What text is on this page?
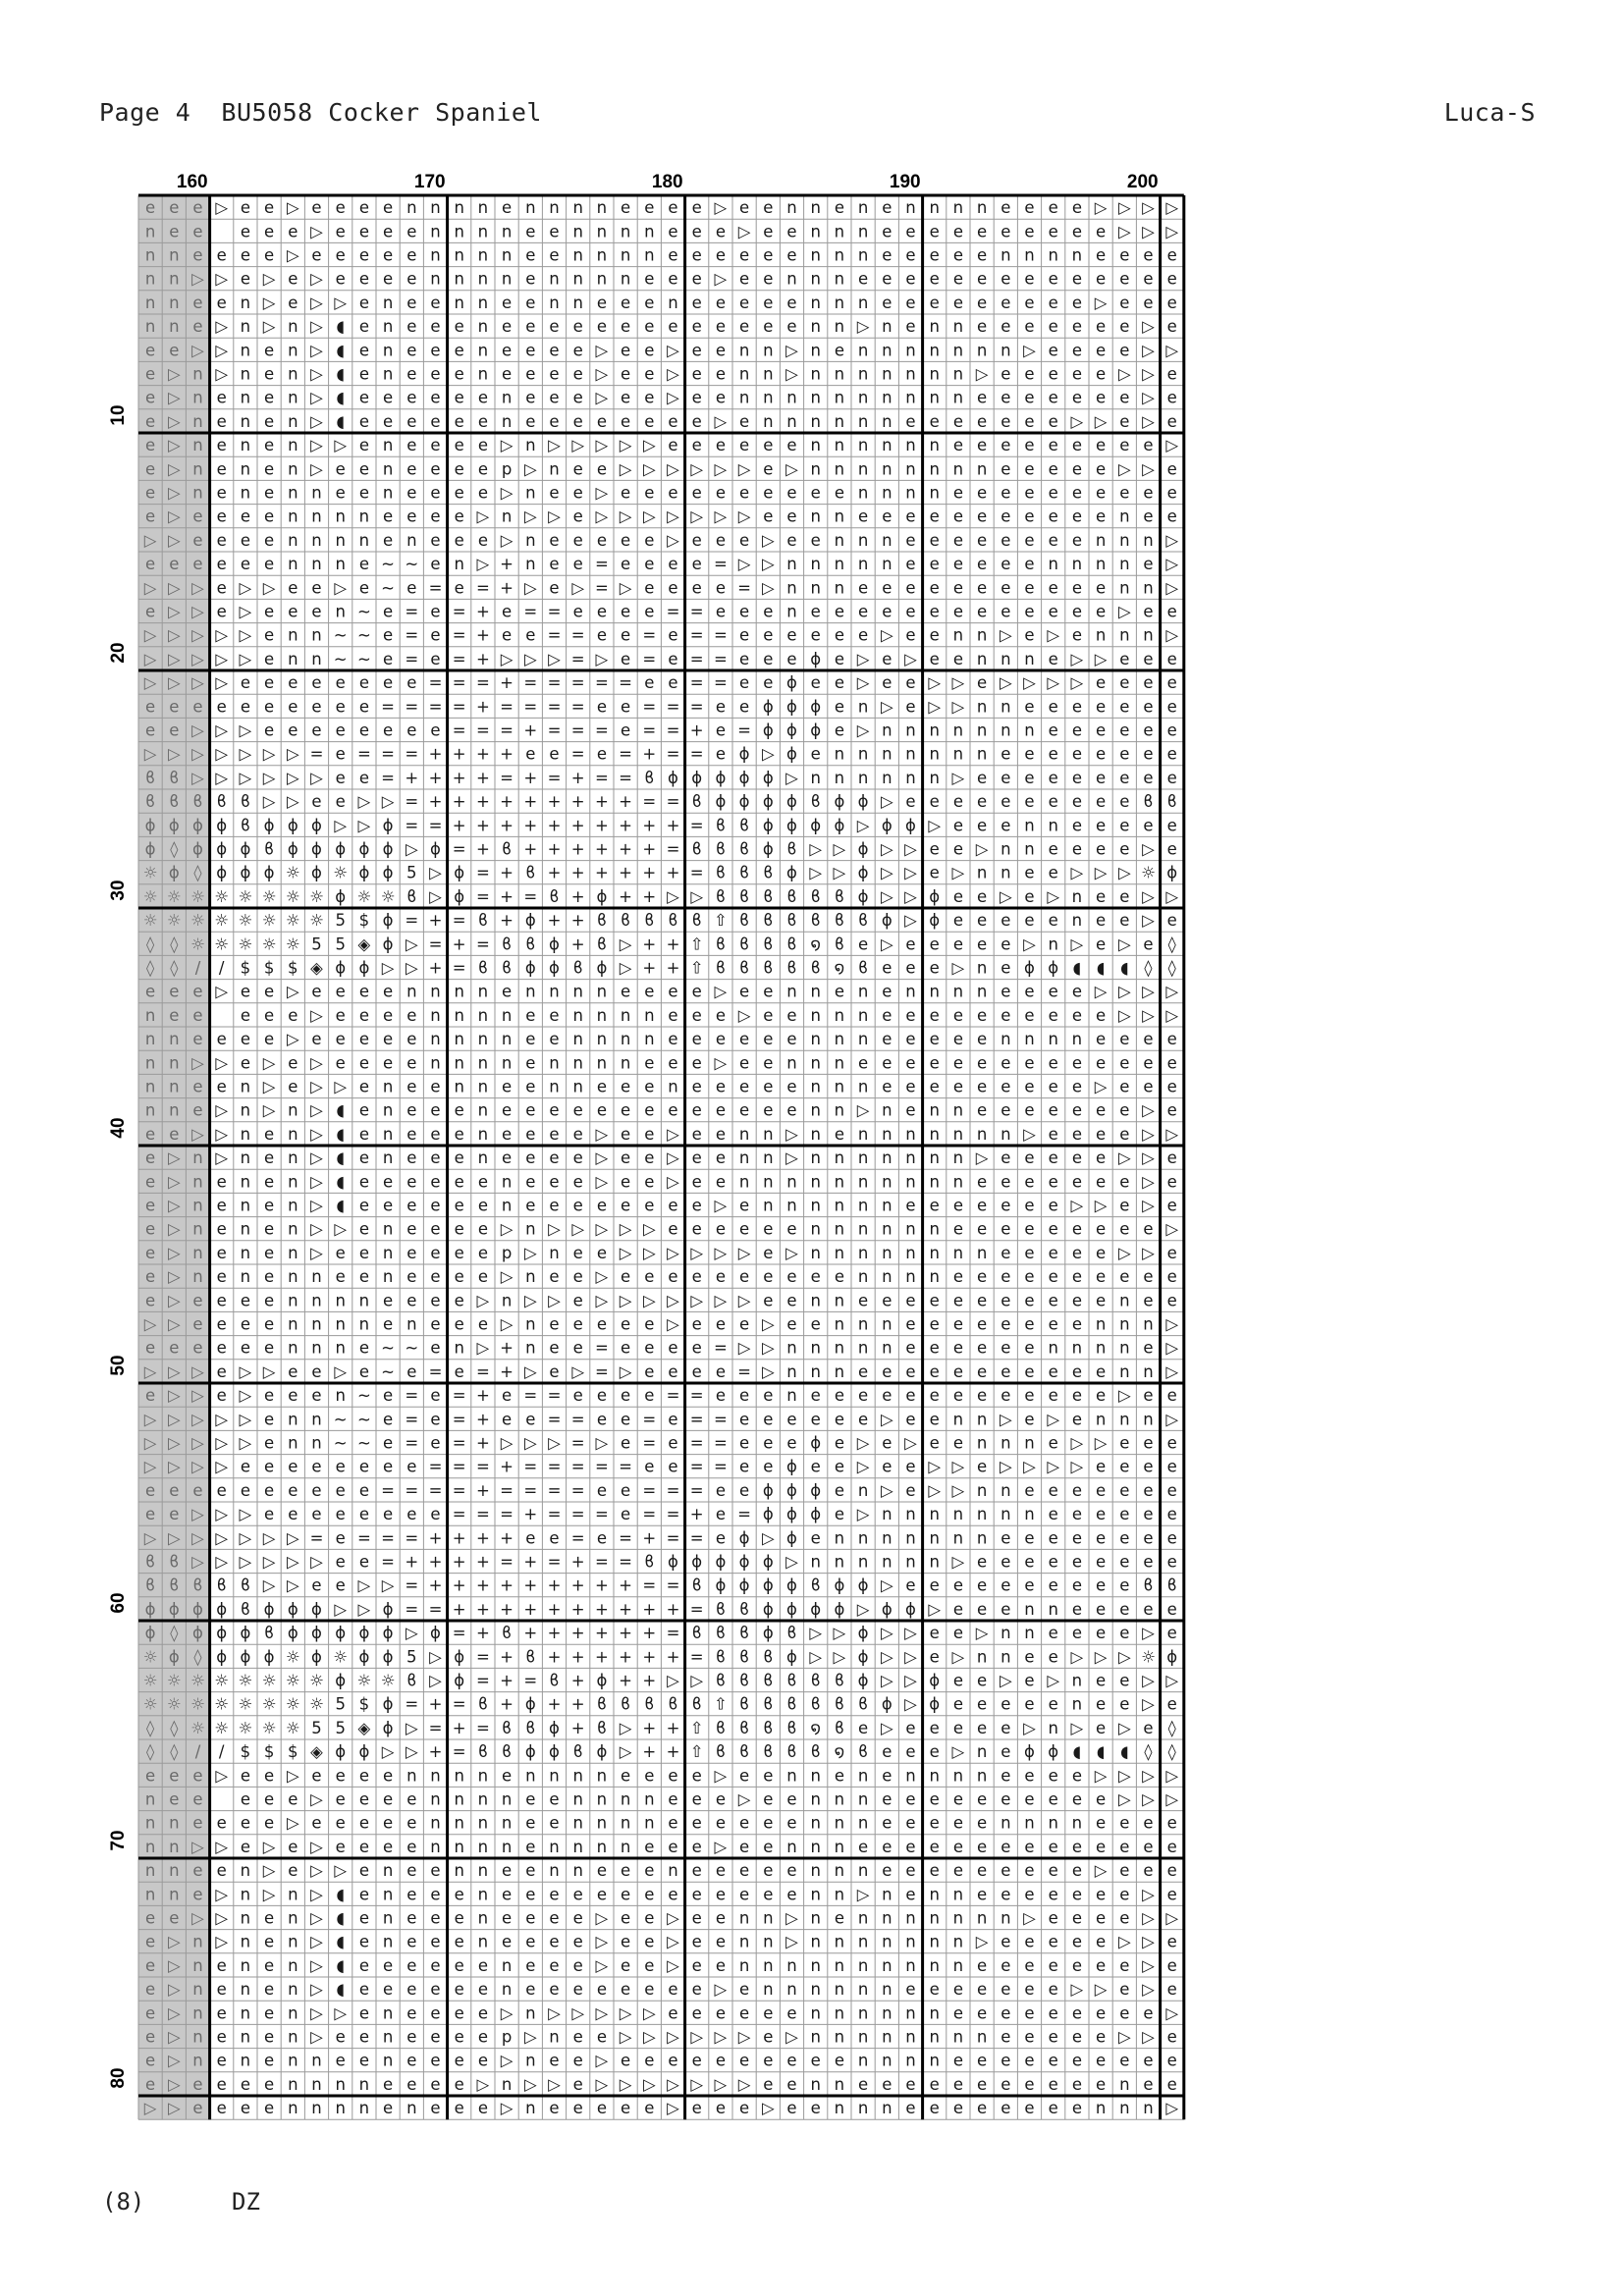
Page 4  BU5058 Cocker Spaniel	Luca-S
e e e ▷ e e ▷ e e e e n n n n e n n n n e e e e ▷ e e n n e n e n n n n e e e e ▷ ▷ ▷ ▷
n e e e e e ▷ e e e e n n n n e e n n n n e e e ▷ e e n n n e e e e e e e e e e ▷ ▷ ▷
n n e e e e ▷ e e e e e n n n n e e n n n n e e e e e e n n n e e e e e n n n n e e e e
n n ▷ ▷ e ▷ e ▷ e e e e n n n n e n n n n e e e ▷ e e n n n e e e e e e e e e e e e e e
n n e e n ▷ e ▷ ▷ e n e e n n e e n n e e e n e e e e e n n n e e e e e e e e e ▷ e e e
n n e ▷ n ▷ n ▷ ◖ e n e e e n e e e e e e e e e e e e e n n ▷ n e n n e e e e e e e ▷ e
e e ▷ ▷ n e n ▷ ◖ e n e e e n e e e e ▷ e e ▷ e e n n ▷ n e n n n n n n n ▷ e e e e ▷ ▷
e ▷ n ▷ n e n ▷ ◖ e n e e e n e e e e ▷ e e ▷ e e n n ▷ n n n n n n n ▷ e e e e e ▷ ▷ e
e ▷ n e n e n ▷ ◖ e e e e e e n e e e ▷ e e ▷ e e n n n n n n n n n n e e e e e e e ▷ e
e ▷ n e n e n ▷ ◖ e e e e e e n e e e e e e e e ▷ e n n n n n n e e e e e e e ▷ ▷ e ▷ e
e ▷ n e n e n ▷ ▷ e n e e e e ▷ n ▷ ▷ ▷ ▷ ▷ e e e e e e n n n n n n e e e e e e e e e ▷
e ▷ n e n e n ▷ e e n e e e e p ▷ n e e ▷ ▷ ▷ ▷ ▷ ▷ e ▷ n n n n n n n n e e e e e ▷ ▷ e
e ▷ n e n e n n e e n e e e e ▷ n e e ▷ e e e e e e e e e e n n n n e e e e e e e e e e
e ▷ e e e e n n n n e e e e ▷ n ▷ ▷ e ▷ ▷ ▷ ▷ ▷ ▷ ▷ e e n n e e e e e e e e e e e n e e
▷ ▷ e e e e n n n n e n e e e ▷ n e e e e e ▷ e e e ▷ e e n n n e e e e e e e e n n n ▷
e e e e e e n n n e ~ ~ e n ▷ + n e e = e e e e = ▷ ▷ n n n n n e e e e e e n n n n e ▷
▷ ▷ ▷ e ▷ ▷ e e ▷ e ~ e = e = + ▷ e ▷ = ▷ e e e e = ▷ n n n e e e e e e e e e e e n n ▷
e ▷ ▷ e ▷ e e e n ~ e = e = + e = = e e e e = = e e e n e e e e e e e e e e e e e ▷ e e
▷ ▷ ▷ ▷ ▷ e n n ~ ~ e = e = + e e = = e e = e = = e e e e e e ▷ e e n n ▷ e ▷ e n n n ▷
▷ ▷ ▷ ▷ ▷ e n n ~ ~ e = e = + ▷ ▷ ▷ = ▷ e = e = = e e e ϕ e ▷ e ▷ e e n n n e ▷ ▷ e e e
▷ ▷ ▷ ▷ e e e e e e e e = = = + = = = = = e e = = e e ϕ e e ▷ e e ▷ ▷ e ▷ ▷ ▷ ▷ e e e e
e e e e e e e e e e = = = = + = = = = e e = = = e e ϕ ϕ ϕ e n ▷ e ▷ ▷ n n e e e e e e e
e e ▷ ▷ ▷ e e e e e e e e = = = + = = = e = = + e = ϕ ϕ ϕ e ▷ n n n n n n n e e e e e e
▷ ▷ ▷ ▷ ▷ ▷ ▷ = e = = = + + + + e e = e = + = = e ϕ ▷ ϕ e n n n n n n n e e e e e e e e
ϐ ϐ ▷ ▷ ▷ ▷ ▷ ▷ e e = + + + + = + = + = = ϐ ϕ ϕ ϕ ϕ ϕ ▷ n n n n n n ▷ e e e e e e e e e
ϐ ϐ ϐ ϐ ϐ ▷ ▷ e e ▷ ▷ = + + + + + + + + + = = ϐ ϕ ϕ ϕ ϕ ϐ ϕ ϕ ▷ e e e e e e e e e e ϐ ϐ
ϕ ϕ ϕ ϕ ϐ ϕ ϕ ϕ ▷ ▷ ϕ = = + + + + + + + + + + = ϐ ϐ ϕ ϕ ϕ ϕ ▷ ϕ ϕ ▷ e e e n n e e e e e
ϕ ◊ ϕ ϕ ϕ ϐ ϕ ϕ ϕ ϕ ϕ ▷ ϕ = + ϐ + + + + + + = ϐ ϐ ϐ ϕ ϐ ▷ ▷ ϕ ▷ ▷ e e ▷ n n e e e e ▷ e
☼ ϕ ◊ ϕ ϕ ϕ ☼ ϕ ☼ ϕ ϕ 5 ▷ ϕ = + ϐ + + + + + + = ϐ ϐ ϐ ϕ ▷ ▷ ϕ ▷ ▷ e ▷ n n e e ▷ ▷ ▷ ☼ ϕ
☼ ☼ ☼ ☼ ☼ ☼ ☼ ☼ ϕ ☼ ☼ ϐ ▷ ϕ = + = ϐ + ϕ + + ▷ ▷ ϐ ϐ ϐ ϐ ϐ ϐ ϕ ▷ ▷ ϕ e e ▷ e ▷ n e e ▷ ▷
☼ ☼ ☼ ☼ ☼ ☼ ☼ ☼ 5 $ ϕ = + = ϐ + ϕ + + ϐ ϐ ϐ ϐ ϐ ⇧ ϐ ϐ ϐ ϐ ϐ ϐ ϕ ▷ ϕ e e e e e n e e ▷ e
◊ ◊ ☼ ☼ ☼ ☼ ☼ 5 5 ◈ ϕ ▷ = + = ϐ ϐ ϕ + ϐ ▷ + + ⇧ ϐ ϐ ϐ ϐ ໑ ϐ e ▷ e e e e e ▷ n ▷ e ▷ e ◊
◊ ◊ / / $ $ $ ◈ ϕ ϕ ▷ ▷ + = ϐ ϐ ϕ ϕ ϐ ϕ ▷ + + ⇧ ϐ ϐ ϐ ϐ ϐ ໑ ϐ e e e ▷ n e ϕ ϕ ◖ ◖ ◖ ◊ ◊
e e e ▷ e e ▷ e e e e n n n n e n n n n e e e e ▷ e e n n e n e n n n n e e e e ▷ ▷ ▷ ▷
n e e e e e ▷ e e e e n n n n e e n n n n e e e ▷ e e n n n e e e e e e e e e e ▷ ▷ ▷
n n e e e e ▷ e e e e e n n n n e e n n n n e e e e e e n n n e e e e e n n n n e e e e
n n ▷ ▷ e ▷ e ▷ e e e e n n n n e n n n n e e e ▷ e e n n n e e e e e e e e e e e e e e
n n e e n ▷ e ▷ ▷ e n e e n n e e n n e e e n e e e e e n n n e e e e e e e e e ▷ e e e
n n e ▷ n ▷ n ▷ ◖ e n e e e n e e e e e e e e e e e e e n n ▷ n e n n e e e e e e e ▷ e
e e ▷ ▷ n e n ▷ ◖ e n e e e n e e e e ▷ e e ▷ e e n n ▷ n e n n n n n n n ▷ e e e e ▷ ▷
e ▷ n ▷ n e n ▷ ◖ e n e e e n e e e e ▷ e e ▷ e e n n ▷ n n n n n n n ▷ e e e e e ▷ ▷ e
e ▷ n e n e n ▷ ◖ e e e e e e n e e e ▷ e e ▷ e e n n n n n n n n n n e e e e e e e ▷ e
e ▷ n e n e n ▷ ◖ e e e e e e n e e e e e e e e ▷ e n n n n n n e e e e e e e ▷ ▷ e ▷ e
e ▷ n e n e n ▷ ▷ e n e e e e ▷ n ▷ ▷ ▷ ▷ ▷ e e e e e e n n n n n n e e e e e e e e e ▷
e ▷ n e n e n ▷ e e n e e e e p ▷ n e e ▷ ▷ ▷ ▷ ▷ ▷ e ▷ n n n n n n n n e e e e e ▷ ▷ e
e ▷ n e n e n n e e n e e e e ▷ n e e ▷ e e e e e e e e e e n n n n e e e e e e e e e e
e ▷ e e e e n n n n e e e e ▷ n ▷ ▷ e ▷ ▷ ▷ ▷ ▷ ▷ ▷ e e n n e e e e e e e e e e e n e e
▷ ▷ e e e e n n n n e n e e e ▷ n e e e e e ▷ e e e ▷ e e n n n e e e e e e e e n n n ▷
e e e e e e n n n e ~ ~ e n ▷ + n e e = e e e e = ▷ ▷ n n n n n e e e e e e n n n n e ▷
▷ ▷ ▷ e ▷ ▷ e e ▷ e ~ e = e = + ▷ e ▷ = ▷ e e e e = ▷ n n n e e e e e e e e e e e n n ▷
e ▷ ▷ e ▷ e e e n ~ e = e = + e = = e e e e = = e e e n e e e e e e e e e e e e e ▷ e e
▷ ▷ ▷ ▷ ▷ e n n ~ ~ e = e = + e e = = e e = e = = e e e e e e ▷ e e n n ▷ e ▷ e n n n ▷
▷ ▷ ▷ ▷ ▷ e n n ~ ~ e = e = + ▷ ▷ ▷ = ▷ e = e = = e e e ϕ e ▷ e ▷ e e n n n e ▷ ▷ e e e
▷ ▷ ▷ ▷ e e e e e e e e = = = + = = = = = e e = = e e ϕ e e ▷ e e ▷ ▷ e ▷ ▷ ▷ ▷ e e e e
e e e e e e e e e e = = = = + = = = = e e = = = e e ϕ ϕ ϕ e n ▷ e ▷ ▷ n n e e e e e e e
e e ▷ ▷ ▷ e e e e e e e e = = = + = = = e = = + e = ϕ ϕ ϕ e ▷ n n n n n n n e e e e e e
▷ ▷ ▷ ▷ ▷ ▷ ▷ = e = = = + + + + e e = e = + = = e ϕ ▷ ϕ e n n n n n n n e e e e e e e e
ϐ ϐ ▷ ▷ ▷ ▷ ▷ ▷ e e = + + + + = + = + = = ϐ ϕ ϕ ϕ ϕ ϕ ▷ n n n n n n ▷ e e e e e e e e e
ϐ ϐ ϐ ϐ ϐ ▷ ▷ e e ▷ ▷ = + + + + + + + + + = = ϐ ϕ ϕ ϕ ϕ ϐ ϕ ϕ ▷ e e e e e e e e e e ϐ ϐ
ϕ ϕ ϕ ϕ ϐ ϕ ϕ ϕ ▷ ▷ ϕ = = + + + + + + + + + + = ϐ ϐ ϕ ϕ ϕ ϕ ▷ ϕ ϕ ▷ e e e n n e e e e e
ϕ ◊ ϕ ϕ ϕ ϐ ϕ ϕ ϕ ϕ ϕ ▷ ϕ = + ϐ + + + + + + = ϐ ϐ ϐ ϕ ϐ ▷ ▷ ϕ ▷ ▷ e e ▷ n n e e e e ▷ e
☼ ϕ ◊ ϕ ϕ ϕ ☼ ϕ ☼ ϕ ϕ 5 ▷ ϕ = + ϐ + + + + + + = ϐ ϐ ϐ ϕ ▷ ▷ ϕ ▷ ▷ e ▷ n n e e ▷ ▷ ▷ ☼ ϕ
☼ ☼ ☼ ☼ ☼ ☼ ☼ ☼ ϕ ☼ ☼ ϐ ▷ ϕ = + = ϐ + ϕ + + ▷ ▷ ϐ ϐ ϐ ϐ ϐ ϐ ϕ ▷ ▷ ϕ e e ▷ e ▷ n e e ▷ ▷
☼ ☼ ☼ ☼ ☼ ☼ ☼ ☼ 5 $ ϕ = + = ϐ + ϕ + + ϐ ϐ ϐ ϐ ϐ ⇧ ϐ ϐ ϐ ϐ ϐ ϐ ϕ ▷ ϕ e e e e e n e e ▷ e
◊ ◊ ☼ ☼ ☼ ☼ ☼ 5 5 ◈ ϕ ▷ = + = ϐ ϐ ϕ + ϐ ▷ + + ⇧ ϐ ϐ ϐ ϐ ໑ ϐ e ▷ e e e e e ▷ n ▷ e ▷ e ◊
◊ ◊ / / $ $ $ ◈ ϕ ϕ ▷ ▷ + = ϐ ϐ ϕ ϕ ϐ ϕ ▷ + + ⇧ ϐ ϐ ϐ ϐ ϐ ໑ ϐ e e e ▷ n e ϕ ϕ ◖ ◖ ◖ ◊ ◊
e e e ▷ e e ▷ e e e e n n n n e n n n n e e e e ▷ e e n n e n e n n n n e e e e ▷ ▷ ▷ ▷
n e e e e e ▷ e e e e n n n n e e n n n n e e e ▷ e e n n n e e e e e e e e e e ▷ ▷ ▷
n n e e e e ▷ e e e e e n n n n e e n n n n e e e e e e n n n e e e e e n n n n e e e e
n n ▷ ▷ e ▷ e ▷ e e e e n n n n e n n n n e e e ▷ e e n n n e e e e e e e e e e e e e e
n n e e n ▷ e ▷ ▷ e n e e n n e e n n e e e n e e e e e n n n e e e e e e e e e ▷ e e e
n n e ▷ n ▷ n ▷ ◖ e n e e e n e e e e e e e e e e e e e n n ▷ n e n n e e e e e e e ▷ e
e e ▷ ▷ n e n ▷ ◖ e n e e e n e e e e ▷ e e ▷ e e n n ▷ n e n n n n n n n ▷ e e e e ▷ ▷
e ▷ n ▷ n e n ▷ ◖ e n e e e n e e e e ▷ e e ▷ e e n n ▷ n n n n n n n ▷ e e e e e ▷ ▷ e
e ▷ n e n e n ▷ ◖ e e e e e e n e e e ▷ e e ▷ e e n n n n n n n n n n e e e e e e e ▷ e
e ▷ n e n e n ▷ ◖ e e e e e e n e e e e e e e e ▷ e n n n n n n e e e e e e e ▷ ▷ e ▷ e
e ▷ n e n e n ▷ ▷ e n e e e e ▷ n ▷ ▷ ▷ ▷ ▷ e e e e e e n n n n n n e e e e e e e e e ▷
e ▷ n e n e n ▷ e e n e e e e p ▷ n e e ▷ ▷ ▷ ▷ ▷ ▷ e ▷ n n n n n n n n e e e e e ▷ ▷ e
e ▷ n e n e n n e e n e e e e ▷ n e e ▷ e e e e e e e e e e n n n n e e e e e e e e e e
e ▷ e e e e n n n n e e e e ▷ n ▷ ▷ e ▷ ▷ ▷ ▷ ▷ ▷ ▷ e e n n e e e e e e e e e e e n e e
▷ ▷ e e e e n n n n e n e e e ▷ n e e e e e ▷ e e e ▷ e e n n n e e e e e e e e n n n ▷
160	170	180	190	200
10
20
30
40
50
60
70
80
(8)	DZ
